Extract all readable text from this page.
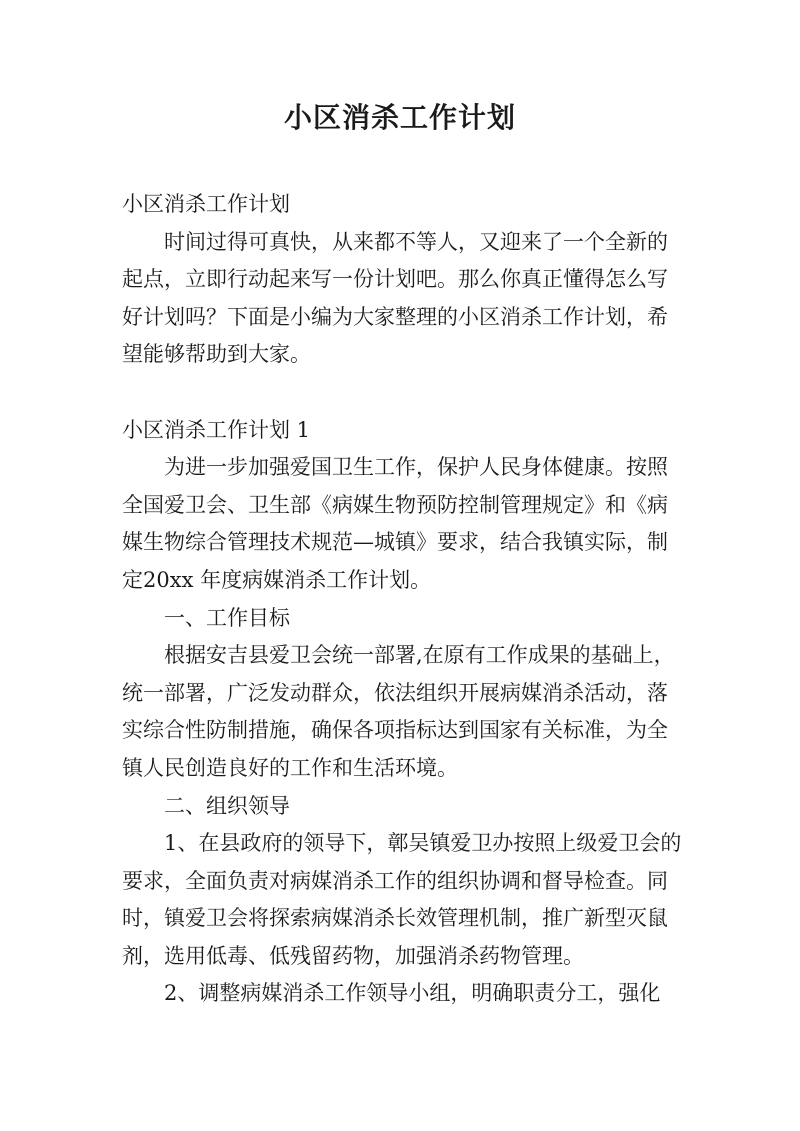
小区消杀工作计划

小区消杀工作计划

时间过得可真快，从来都不等人，又迎来了一个全新的起点，立即行动起来写一份计划吧。那么你真正懂得怎么写好计划吗？下面是小编为大家整理的小区消杀工作计划，希望能够帮助到大家。

小区消杀工作计划 1

为进一步加强爱国卫生工作，保护人民身体健康。按照全国爱卫会、卫生部《病媒生物预防控制管理规定》和《病媒生物综合管理技术规范—城镇》要求，结合我镇实际，制定20xx 年度病媒消杀工作计划。

一、工作目标

根据安吉县爱卫会统一部署,在原有工作成果的基础上，统一部署，广泛发动群众，依法组织开展病媒消杀活动，落实综合性防制措施，确保各项指标达到国家有关标准，为全镇人民创造良好的工作和生活环境。

二、组织领导

1、在县政府的领导下，鄣吴镇爱卫办按照上级爱卫会的要求，全面负责对病媒消杀工作的组织协调和督导检查。同时，镇爱卫会将探索病媒消杀长效管理机制，推广新型灭鼠剂，选用低毒、低残留药物，加强消杀药物管理。

2、调整病媒消杀工作领导小组，明确职责分工，强化
